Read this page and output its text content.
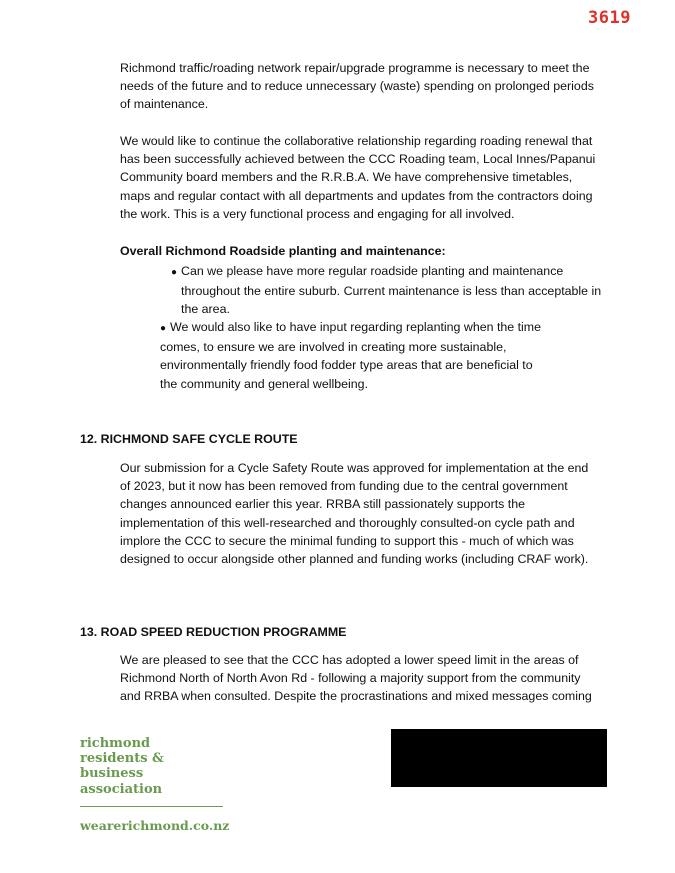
3619

Richmond traffic/roading network repair/upgrade programme is necessary to meet the needs of the future and to reduce unnecessary (waste) spending on prolonged periods of maintenance.

We would like to continue the collaborative relationship regarding roading renewal that has been successfully achieved between the CCC Roading team, Local Innes/Papanui Community board members and the R.R.B.A. We have comprehensive timetables, maps and regular contact with all departments and updates from the contractors doing the work. This is a very functional process and engaging for all involved.

Overall Richmond Roadside planting and maintenance:

● Can we please have more regular roadside planting and maintenance throughout the entire suburb. Current maintenance is less than acceptable in the area.

● We would also like to have input regarding replanting when the time comes, to ensure we are involved in creating more sustainable, environmentally friendly food fodder type areas that are beneficial to the community and general wellbeing.

12. RICHMOND SAFE CYCLE ROUTE

Our submission for a Cycle Safety Route was approved for implementation at the end of 2023, but it now has been removed from funding due to the central government changes announced earlier this year. RRBA still passionately supports the implementation of this well-researched and thoroughly consulted-on cycle path and implore the CCC to secure the minimal funding to support this - much of which was designed to occur alongside other planned and funding works (including CRAF work).

13. ROAD SPEED REDUCTION PROGRAMME

We are pleased to see that the CCC has adopted a lower speed limit in the areas of Richmond North of North Avon Rd - following a majority support from the community and RRBA when consulted. Despite the procrastinations and mixed messages coming

richmond
residents &
business
association
wearerichmond.co.nz
